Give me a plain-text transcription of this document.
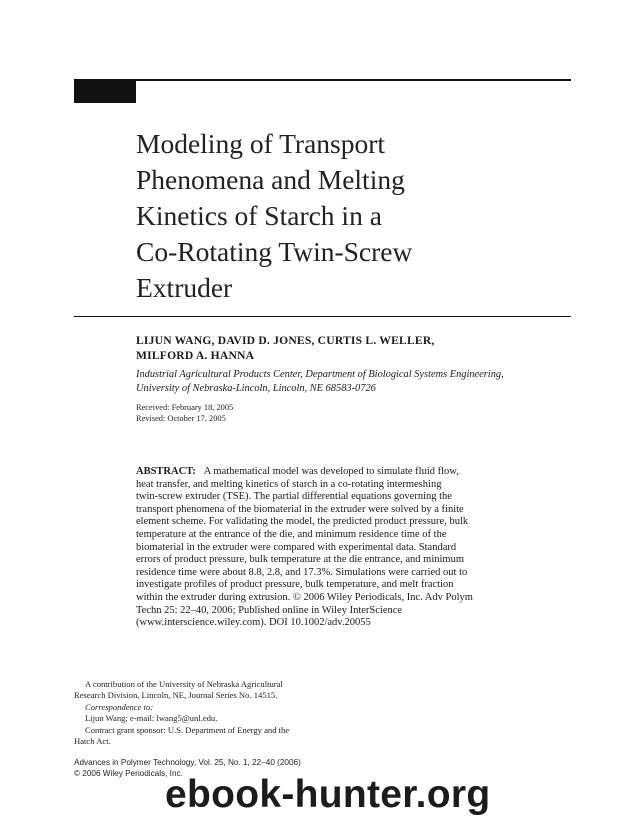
Modeling of Transport
Phenomena and Melting
Kinetics of Starch in a
Co-Rotating Twin-Screw
Extruder
LIJUN WANG, DAVID D. JONES, CURTIS L. WELLER,
MILFORD A. HANNA
Industrial Agricultural Products Center, Department of Biological Systems Engineering,
University of Nebraska-Lincoln, Lincoln, NE 68583-0726
Received: February 18, 2005
Revised: October 17, 2005
ABSTRACT: A mathematical model was developed to simulate fluid flow,
heat transfer, and melting kinetics of starch in a co-rotating intermeshing
twin-screw extruder (TSE). The partial differential equations governing the
transport phenomena of the biomaterial in the extruder were solved by a finite
element scheme. For validating the model, the predicted product pressure, bulk
temperature at the entrance of the die, and minimum residence time of the
biomaterial in the extruder were compared with experimental data. Standard
errors of product pressure, bulk temperature at the die entrance, and minimum
residence time were about 8.8, 2.8, and 17.3%. Simulations were carried out to
investigate profiles of product pressure, bulk temperature, and melt fraction
within the extruder during extrusion. © 2006 Wiley Periodicals, Inc. Adv Polym
Techn 25: 22–40, 2006; Published online in Wiley InterScience
(www.interscience.wiley.com). DOI 10.1002/adv.20055
A contribution of the University of Nebraska Agricultural
Research Division, Lincoln, NE, Journal Series No. 14515.
Correspondence to:
Lijun Wang; e-mail: lwang5@unl.edu.
Contract grant sponsor: U.S. Department of Energy and the
Hatch Act.
Advances in Polymer Technology, Vol. 25, No. 1, 22–40 (2006)
© 2006 Wiley Periodicals, Inc.
ebook-hunter.org
